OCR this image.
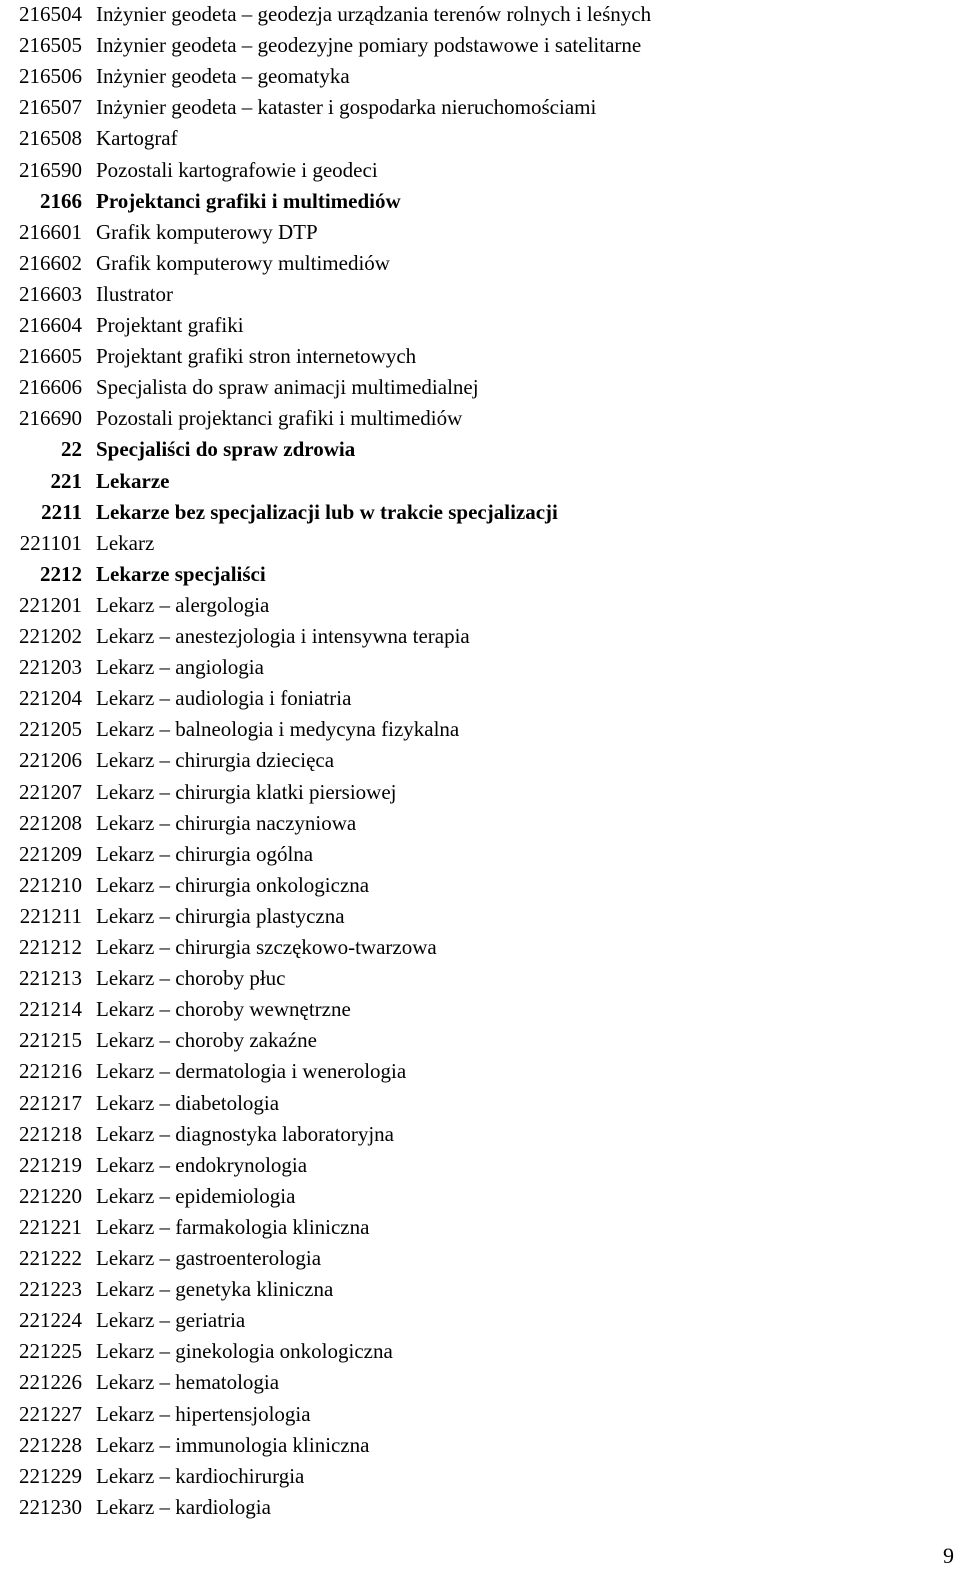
216504 Inżynier geodeta – geodezja urządzania terenów rolnych i leśnych
216505 Inżynier geodeta – geodezyjne pomiary podstawowe i satelitarne
216506 Inżynier geodeta – geomatyka
216507 Inżynier geodeta – kataster i gospodarka nieruchomościami
216508 Kartograf
216590 Pozostali kartografowie i geodeci
2166 Projektanci grafiki i multimediów
216601 Grafik komputerowy DTP
216602 Grafik komputerowy multimediów
216603 Ilustrator
216604 Projektant grafiki
216605 Projektant grafiki stron internetowych
216606 Specjalista do spraw animacji multimedialnej
216690 Pozostali projektanci grafiki i multimediów
22 Specjaliści do spraw zdrowia
221 Lekarze
2211 Lekarze bez specjalizacji lub w trakcie specjalizacji
221101 Lekarz
2212 Lekarze specjaliści
221201 Lekarz – alergologia
221202 Lekarz – anestezjologia i intensywna terapia
221203 Lekarz – angiologia
221204 Lekarz – audiologia i foniatria
221205 Lekarz – balneologia i medycyna fizykalna
221206 Lekarz – chirurgia dziecięca
221207 Lekarz – chirurgia klatki piersiowej
221208 Lekarz – chirurgia naczyniowa
221209 Lekarz – chirurgia ogólna
221210 Lekarz – chirurgia onkologiczna
221211 Lekarz – chirurgia plastyczna
221212 Lekarz – chirurgia szczękowo-twarzowa
221213 Lekarz – choroby płuc
221214 Lekarz – choroby wewnętrzne
221215 Lekarz – choroby zakaźne
221216 Lekarz – dermatologia i wenerologia
221217 Lekarz – diabetologia
221218 Lekarz – diagnostyka laboratoryjna
221219 Lekarz – endokrynologia
221220 Lekarz – epidemiologia
221221 Lekarz – farmakologia kliniczna
221222 Lekarz – gastroenterologia
221223 Lekarz – genetyka kliniczna
221224 Lekarz – geriatria
221225 Lekarz – ginekologia onkologiczna
221226 Lekarz – hematologia
221227 Lekarz – hipertensjologia
221228 Lekarz – immunologia kliniczna
221229 Lekarz – kardiochirurgia
221230 Lekarz – kardiologia
9
